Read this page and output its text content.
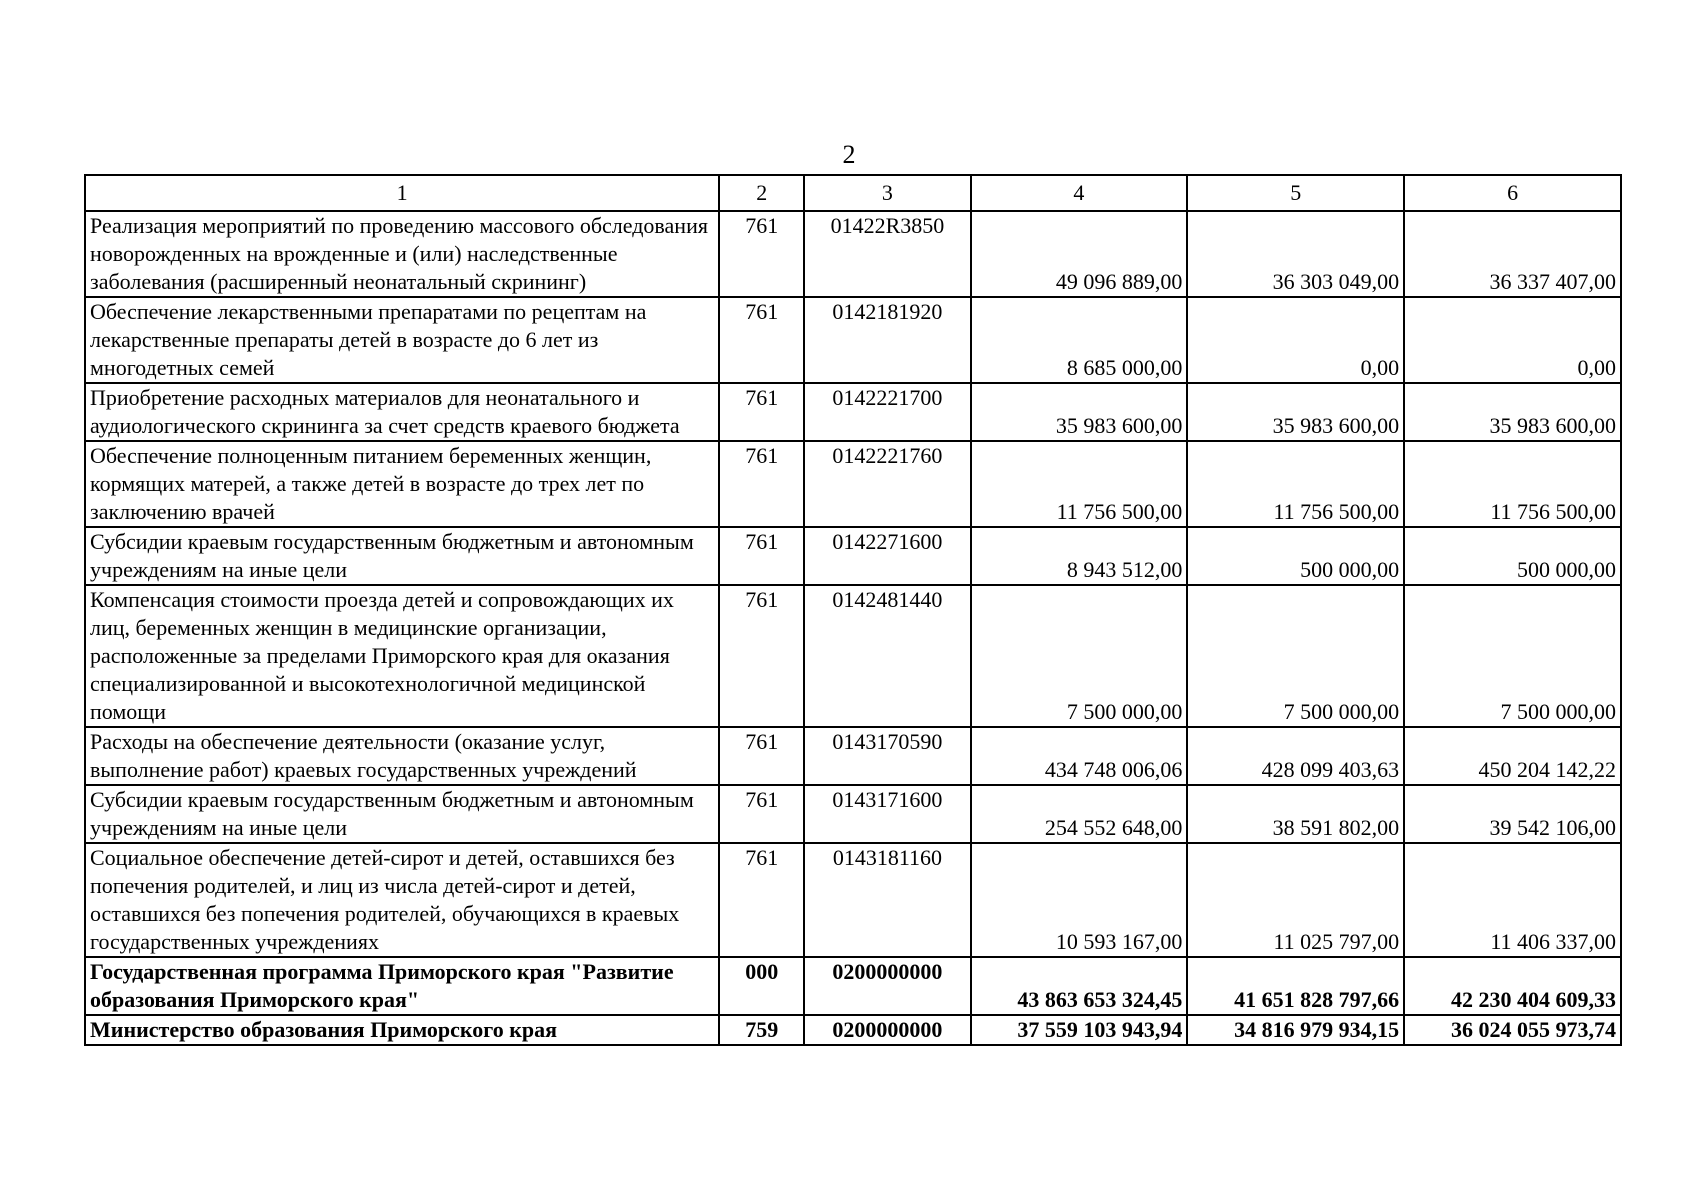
2
1	2	3	4	5	6
Реализация мероприятий по проведению массового обследования новорожденных на врожденные и (или) наследственные заболевания (расширенный неонатальный скрининг)	761	01422R3850	49 096 889,00	36 303 049,00	36 337 407,00
Обеспечение лекарственными препаратами по рецептам на лекарственные препараты детей в возрасте до 6 лет из многодетных семей	761	0142181920	8 685 000,00	0,00	0,00
Приобретение расходных материалов для неонатального и аудиологического скрининга за счет средств краевого бюджета	761	0142221700	35 983 600,00	35 983 600,00	35 983 600,00
Обеспечение полноценным питанием беременных женщин, кормящих матерей, а также детей в возрасте до трех лет по заключению врачей	761	0142221760	11 756 500,00	11 756 500,00	11 756 500,00
Субсидии краевым государственным бюджетным и автономным учреждениям на иные цели	761	0142271600	8 943 512,00	500 000,00	500 000,00
Компенсация стоимости проезда детей и сопровождающих их лиц, беременных женщин в медицинские организации, расположенные за пределами Приморского края для оказания специализированной и высокотехнологичной медицинской помощи	761	0142481440	7 500 000,00	7 500 000,00	7 500 000,00
Расходы на обеспечение деятельности (оказание услуг, выполнение работ) краевых государственных учреждений	761	0143170590	434 748 006,06	428 099 403,63	450 204 142,22
Субсидии краевым государственным бюджетным и автономным учреждениям на иные цели	761	0143171600	254 552 648,00	38 591 802,00	39 542 106,00
Социальное обеспечение детей-сирот и детей, оставшихся без попечения родителей, и лиц из числа детей-сирот и детей, оставшихся без попечения родителей, обучающихся в краевых государственных учреждениях	761	0143181160	10 593 167,00	11 025 797,00	11 406 337,00
Государственная программа Приморского края "Развитие образования Приморского края"	000	0200000000	43 863 653 324,45	41 651 828 797,66	42 230 404 609,33
Министерство образования Приморского края	759	0200000000	37 559 103 943,94	34 816 979 934,15	36 024 055 973,74
